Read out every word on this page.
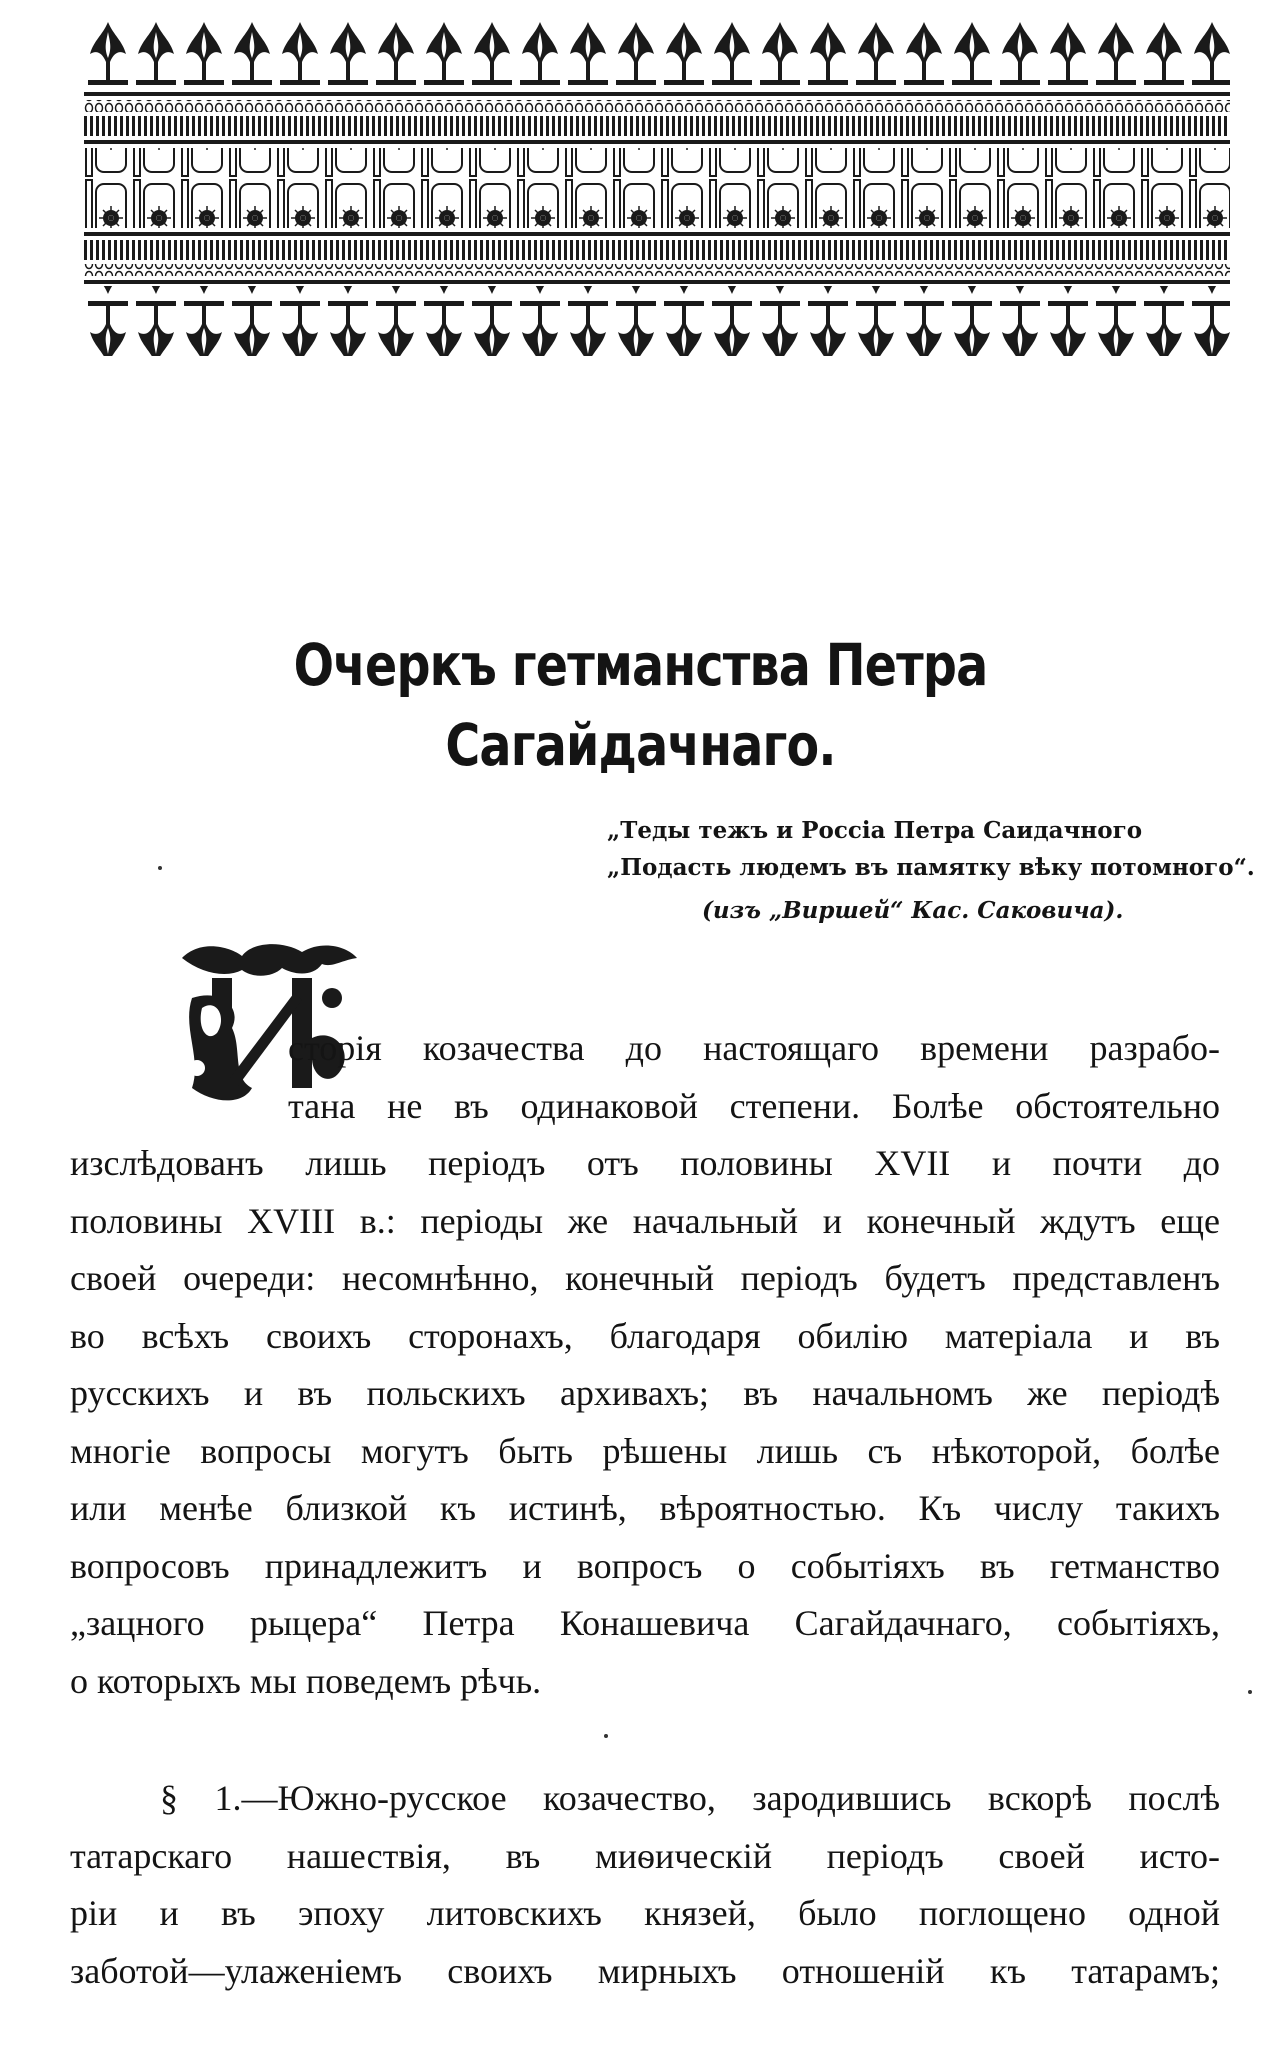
Очеркъ гетманства Петра Сагайдачнаго.
„Теды тежъ и Россіа Петра Саидачного
„Подасть людемъ въ памятку вѣку потомного“.
(изъ „Виршей“ Кас. Саковича).
сторія козачества до настоящаго времени разрабо-
тана не въ одинаковой степени. Болѣе обстоятельно
изслѣдованъ лишь періодъ отъ половины XVII и почти до
половины XVIII в.: періоды же начальный и конечный ждутъ еще
своей очереди: несомнѣнно, конечный періодъ будетъ представленъ
во всѣхъ своихъ сторонахъ, благодаря обилію матеріала и въ
русскихъ и въ польскихъ архивахъ; въ начальномъ же періодѣ
многіе вопросы могутъ быть рѣшены лишь съ нѣкоторой, болѣе
или менѣе близкой къ истинѣ, вѣроятностью. Къ числу такихъ
вопросовъ принадлежитъ и вопросъ о событіяхъ въ гетманство
„зацного рыцера“ Петра Конашевича Сагайдачнаго, событіяхъ,
о которыхъ мы поведемъ рѣчь.
§ 1.—Южно-русское козачество, зародившись вскорѣ послѣ
татарскаго нашествія, въ миѳическій періодъ своей исто-
ріи и въ эпоху литовскихъ князей, было поглощено одной
заботой—улаженіемъ своихъ мирныхъ отношеній къ татарамъ;
